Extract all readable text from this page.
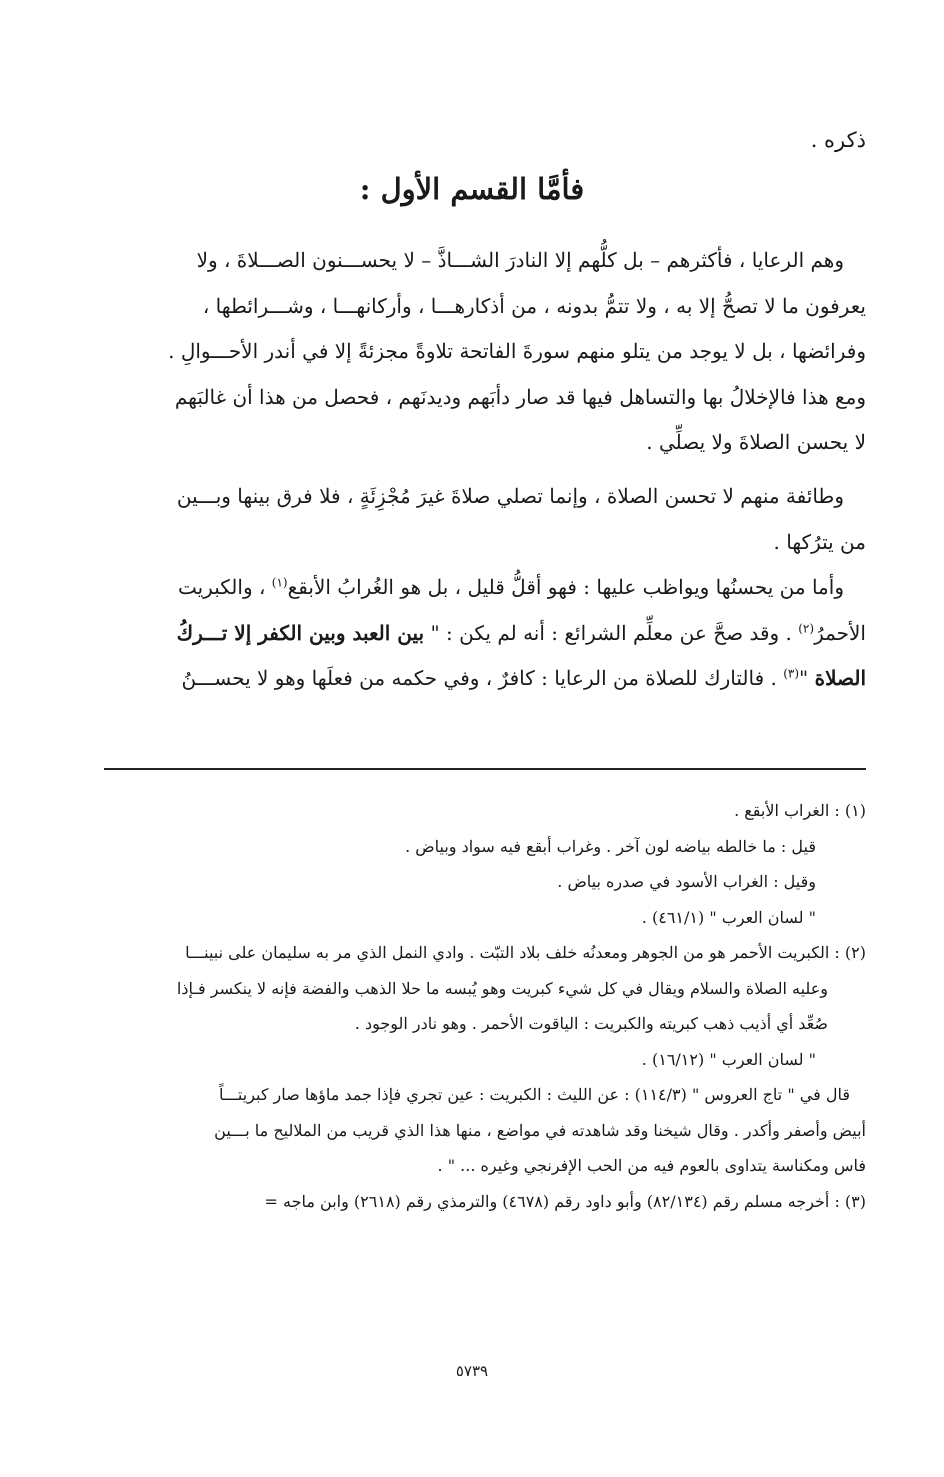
ذكره .
فأمَّا القسم الأول :

وهم الرعايا ، فأكثرهم – بل كلُّهم إلا النادرَ الشـــاذَّ – لا يحســـنون الصـــلاةَ ، ولا
يعرفون ما لا تصحُّ إلا به ، ولا تتمُّ بدونه ، من أذكارهـــا ، وأركانهـــا ، وشـــرائطها ،
وفرائضها ، بل لا يوجد من يتلو منهم سورةَ الفاتحة تلاوةً مجزئةً إلا في أندر الأحـــوالِ .

ومع هذا فالإخلالُ بها والتساهل فيها قد صار دأبَهم وديدنَهم ، فحصل من هذا أن غالبَهم
لا يحسن الصلاةَ ولا يصلِّي .

وطائفة منهم لا تحسن الصلاة ، وإنما تصلي صلاةَ غيرَ مُجْزِئَةٍ ، فلا فرق بينها وبـــين
من يترُكها .

وأما من يحسنُها ويواظب عليها : فهو أقلُّ قليل ، بل هو الغُرابُ الأبقع$^{(١)}$ ، والكبريت
الأحمرُ$^{(٢)}$ . وقد صحَّ عن معلِّم الشرائع : أنه لم يكن : " بين العبد وبين الكفر إلا تـــركُ
الصلاة "$^{(٣)}$ . فالتارك للصلاة من الرعايا : كافرٌ ، وفي حكمه من فعلَها وهو لا يحســـنُ

(١) : الغراب الأبقع .

قيل : ما خالطه بياضه لون آخر . وغراب أبقع فيه سواد وبياض .

وقيل : الغراب الأسود في صدره بياض .

" لسان العرب " (٤٦١/١) .

(٢) : الكبريت الأحمر هو من الجوهر ومعدنُه خلف بلاد التبّت . وادي النمل الذي مر به سليمان على نبينـــا

وعليه الصلاة والسلام ويقال في كل شيء كبريت وهو يُبسه ما حلا الذهب والفضة فإنه لا ينكسر فـإذا

صُعِّد أي أذيب ذهب كبريته والكبريت : الياقوت الأحمر . وهو نادر الوجود .

" لسان العرب " (١٦/١٢) .

قال في " تاج العروس " (١١٤/٣) : عن الليث : الكبريت : عين تجري فإذا جمد ماؤها صار كبريتـــاً

أبيض وأصفر وأكدر . وقال شيخنا وقد شاهدته في مواضع ، منها هذا الذي قريب من الملاليح ما بـــين

فاس ومكناسة يتداوى بالعوم فيه من الحب الإفرنجي وغيره ... " .

(٣) : أخرجه مسلم رقم (٨٢/١٣٤) وأبو داود رقم (٤٦٧٨) والترمذي رقم (٢٦١٨) وابن ماجه =

٥٧٣٩
